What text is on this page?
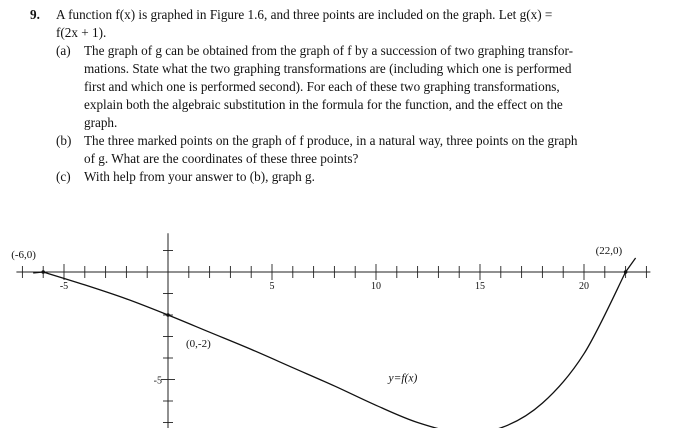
9. A function f(x) is graphed in Figure 1.6, and three points are included on the graph. Let g(x) =
f(2x + 1).
(a) The graph of g can be obtained from the graph of f by a succession of two graphing transfor-
mations. State what the two graphing transformations are (including which one is performed
first and which one is performed second). For each of these two graphing transformations,
explain both the algebraic substitution in the formula for the function, and the effect on the
graph.
(b) The three marked points on the graph of f produce, in a natural way, three points on the graph
of g. What are the coordinates of these three points?
(c) With help from your answer to (b), graph g.
-5	5	10	15	20
-5
(-6,0)
(0,-2)
(22,0)
y=f(x)
